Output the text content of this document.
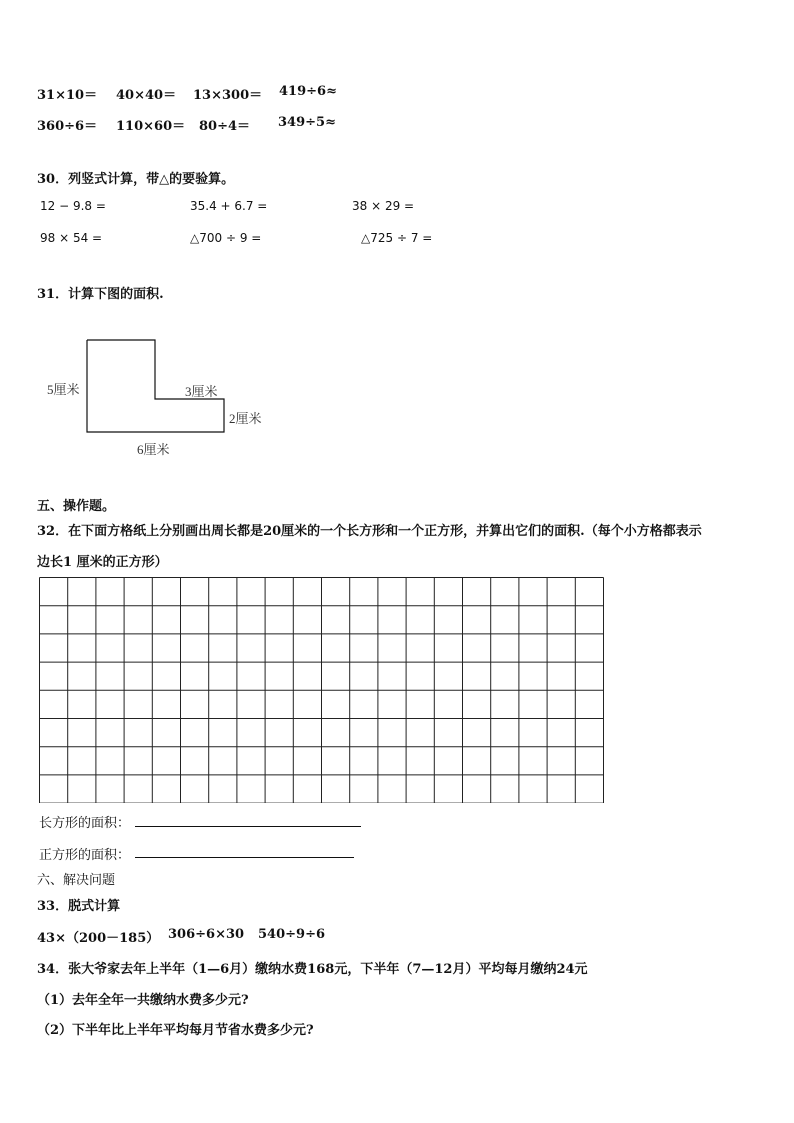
31×10＝ 40×40＝ 13×300＝ 419÷6≈
360÷6＝ 110×60＝ 80÷4＝ 349÷5≈
30．列竖式计算，带△的要验算。
12 − 9.8 =	35.4 + 6.7 =	38 × 29 =
98 × 54 =	△700 ÷ 9 =	△725 ÷ 7 =
31．计算下图的面积.
5厘米	3厘米
2厘米
6厘米
五、操作题。
32．在下面方格纸上分别画出周长都是20厘米的一个长方形和一个正方形，并算出它们的面积.（每个小方格都表示
边长1 厘米的正方形）
长方形的面积：
正方形的面积：
六、解决问题
33．脱式计算
43×（200－185） 306÷6×30 540÷9÷6
34．张大爷家去年上半年（1—6月）缴纳水费168元，下半年（7—12月）平均每月缴纳24元
（1）去年全年一共缴纳水费多少元?
（2）下半年比上半年平均每月节省水费多少元?
